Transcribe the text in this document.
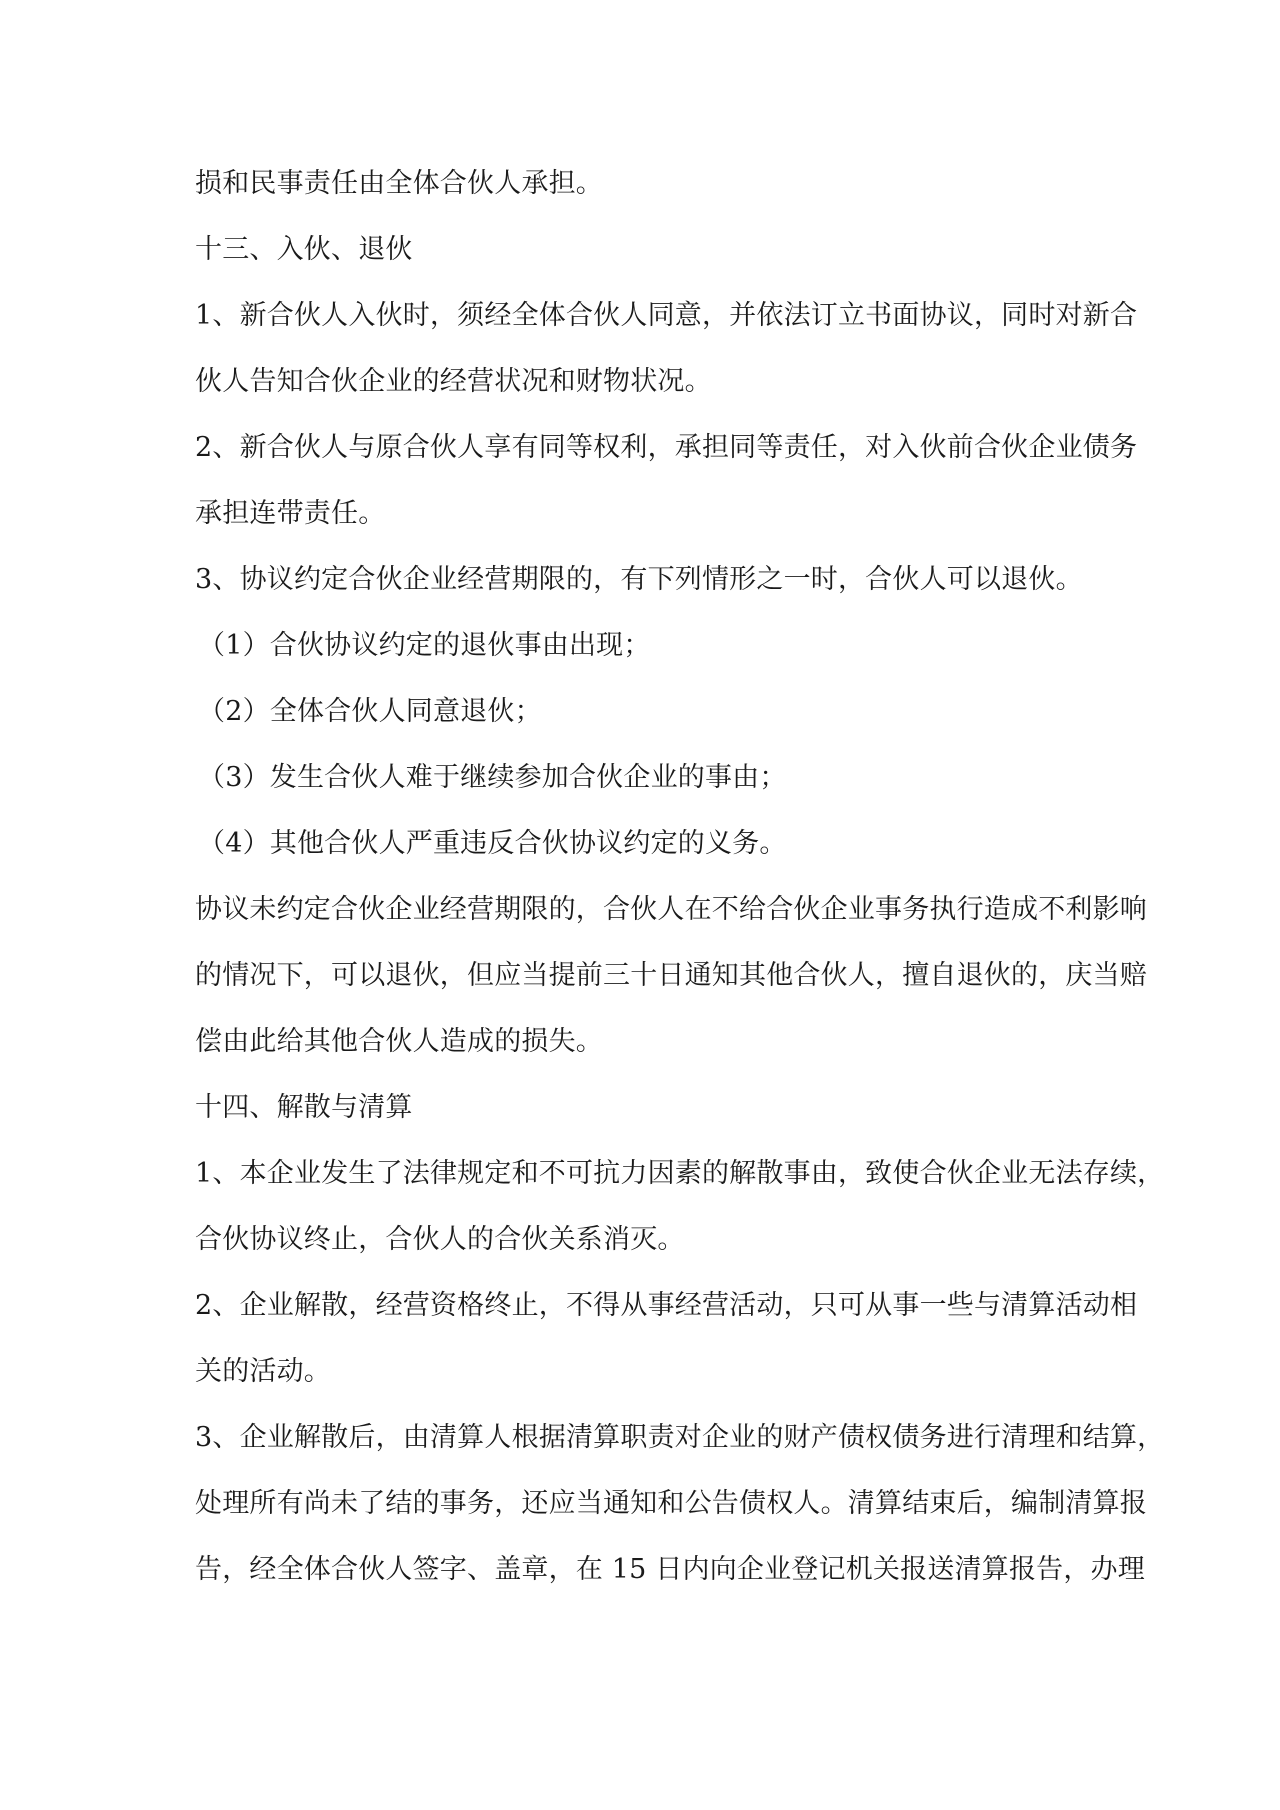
损和民事责任由全体合伙人承担。
十三、入伙、退伙
1、新合伙人入伙时，须经全体合伙人同意，并依法订立书面协议，同时对新合
伙人告知合伙企业的经营状况和财物状况。
2、新合伙人与原合伙人享有同等权利，承担同等责任，对入伙前合伙企业债务
承担连带责任。
3、协议约定合伙企业经营期限的，有下列情形之一时，合伙人可以退伙。
（1）合伙协议约定的退伙事由出现；
（2）全体合伙人同意退伙；
（3）发生合伙人难于继续参加合伙企业的事由；
（4）其他合伙人严重违反合伙协议约定的义务。
协议未约定合伙企业经营期限的，合伙人在不给合伙企业事务执行造成不利影响
的情况下，可以退伙，但应当提前三十日通知其他合伙人，擅自退伙的，庆当赔
偿由此给其他合伙人造成的损失。
十四、解散与清算
1、本企业发生了法律规定和不可抗力因素的解散事由，致使合伙企业无法存续，
合伙协议终止，合伙人的合伙关系消灭。
2、企业解散，经营资格终止，不得从事经营活动，只可从事一些与清算活动相
关的活动。
3、企业解散后，由清算人根据清算职责对企业的财产债权债务进行清理和结算，
处理所有尚未了结的事务，还应当通知和公告债权人。清算结束后，编制清算报
告，经全体合伙人签字、盖章，在 15 日内向企业登记机关报送清算报告，办理
